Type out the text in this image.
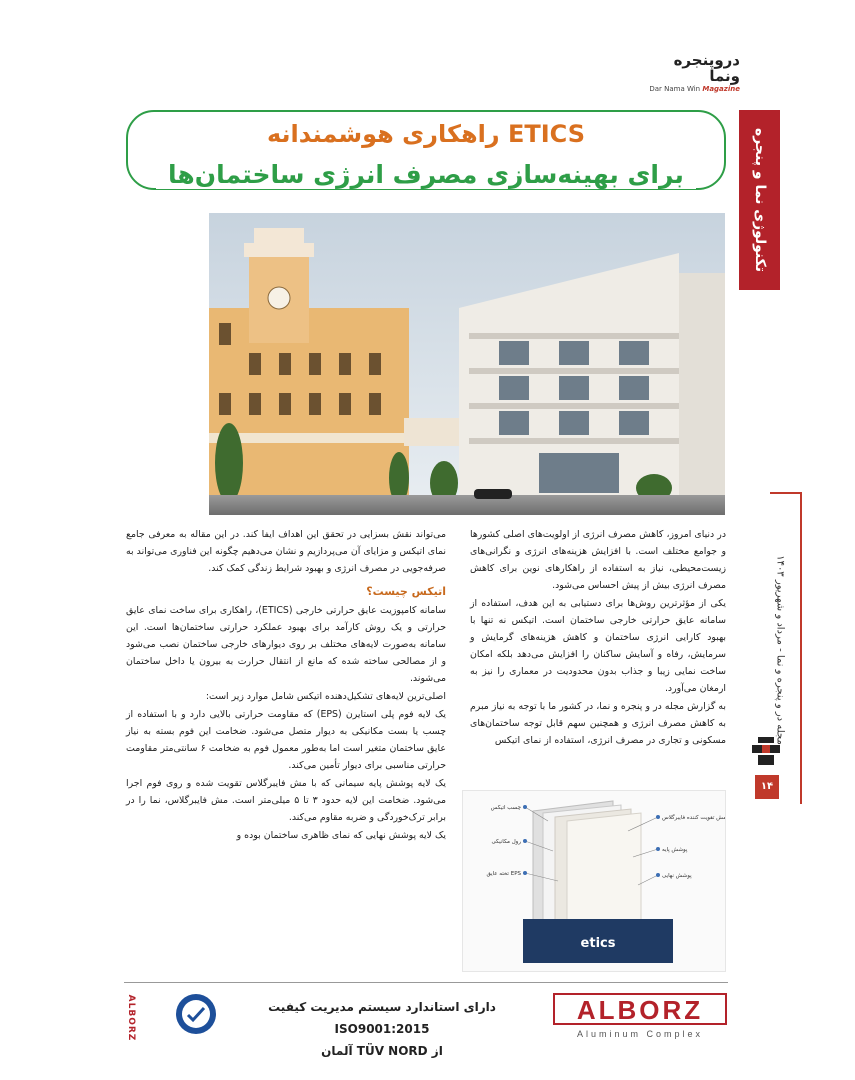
دروپنجره ونما
Dar Nama Win Magazine
تکنولوژی نما و پنجره
ETICS راهکاری هوشمندانه
برای بهینه‌سازی مصرف انرژی ساختمان‌ها
مجله در و پنجره و نما - مرداد و شهریور ۱۴۰۳
۱۴

در دنیای امروز، کاهش مصرف انرژی از اولویت‌های اصلی کشورها و جوامع مختلف است. با افزایش هزینه‌های انرژی و نگرانی‌های زیست‌محیطی، نیاز به استفاده از راهکارهای نوین برای کاهش مصرف انرژی بیش از پیش احساس می‌شود.

یکی از مؤثرترین روش‌ها برای دستیابی به این هدف، استفاده از سامانه عایق حرارتی خارجی ساختمان است. اتیکس نه تنها با بهبود کارایی انرژی ساختمان و کاهش هزینه‌های گرمایش و سرمایش، رفاه و آسایش ساکنان را افزایش می‌دهد بلکه امکان ساخت نمایی زیبا و جذاب بدون محدودیت در معماری را نیز به ارمغان می‌آورد.

به گزارش مجله در و پنجره و نما، در کشور ما با توجه به نیاز مبرم به کاهش مصرف انرژی و همچنین سهم قابل توجه ساختمان‌های مسکونی و تجاری در مصرف انرژی، استفاده از نمای اتیکس

می‌تواند نقش بسزایی در تحقق این اهداف ایفا کند. در این مقاله به معرفی جامع نمای اتیکس و مزایای آن می‌پردازیم و نشان می‌دهیم چگونه این فناوری می‌تواند به صرفه‌جویی در مصرف انرژی و بهبود شرایط زندگی کمک کند.

اتیکس چیست؟

سامانه کامپوزیت عایق حرارتی خارجی (ETICS)، راهکاری برای ساخت نمای عایق حرارتی و یک روش کارآمد برای بهبود عملکرد حرارتی ساختمان‌ها است. این سامانه به‌صورت لایه‌های مختلف بر روی دیوارهای خارجی ساختمان نصب می‌شود و از مصالحی ساخته شده که مانع از انتقال حرارت به بیرون یا داخل ساختمان می‌شوند.

اصلی‌ترین لایه‌های تشکیل‌دهنده اتیکس شامل موارد زیر است:

یک لایه فوم پلی استایرن (EPS) که مقاومت حرارتی بالایی دارد و با استفاده از چسب یا بست مکانیکی به دیوار متصل می‌شود. ضخامت این فوم بسته به نیاز عایق ساختمان متغیر است اما به‌طور معمول فوم به ضخامت ۶ سانتی‌متر مقاومت حرارتی مناسبی برای دیوار تأمین می‌کند.

یک لایه پوشش پایه سیمانی که با مش فایبرگلاس تقویت شده و روی فوم اجرا می‌شود. ضخامت این لایه حدود ۳ تا ۵ میلی‌متر است. مش فایبرگلاس، نما را در برابر ترک‌خوردگی و ضربه مقاوم می‌کند.

یک لایه پوشش نهایی که نمای ظاهری ساختمان بوده و

etics
چسب اتیکس
رول مکانیکی
تخته عایق EPS
مش تقویت کننده فایبرگلاس
پوشش پایه
پوشش نهایی
ALBORZ	دارای استاندارد سیستم مدیریت کیفیت ISO9001:2015
از TÜV NORD آلمان
ALBORZ
Aluminum Complex
